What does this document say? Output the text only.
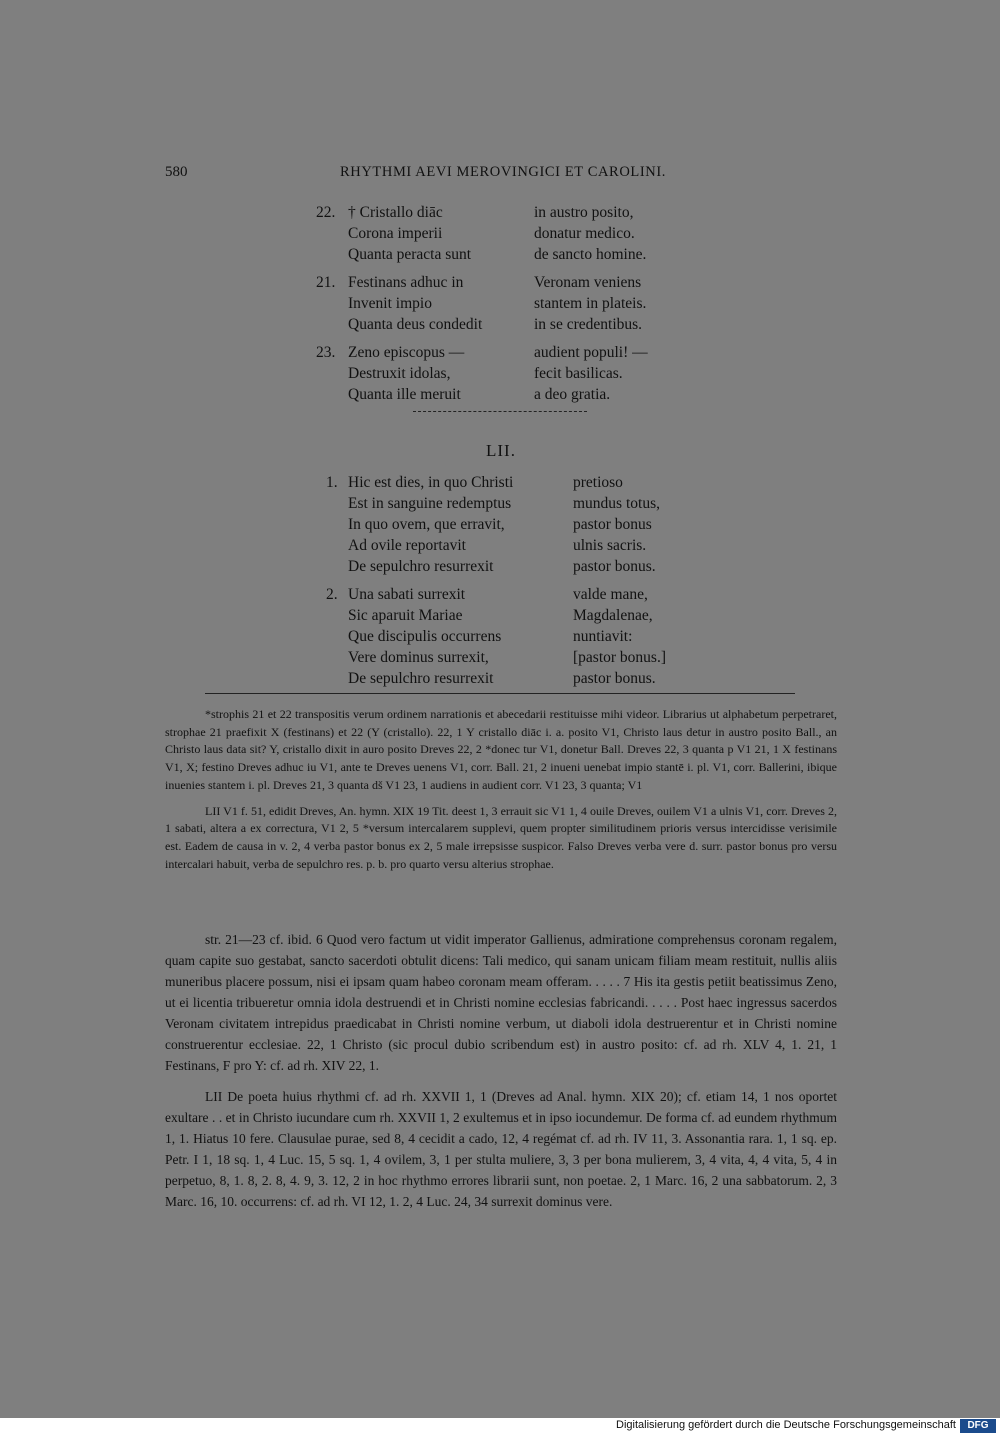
580	RHYTHMI AEVI MEROVINGICI ET CAROLINI.
22. † Cristallo diāc	in austro posito,
Corona imperii	donatur medico.
Quanta peracta sunt	de sancto homine.
21. Festinans adhuc in	Veronam veniens
Invenit impio	stantem in plateis.
Quanta deus condedit	in se credentibus.
23. Zeno episcopus —	audient populi! —
Destruxit idolas,	fecit basilicas.
Quanta ille meruit	a deo gratia.
LII.
1. Hic est dies, in quo Christi	pretioso
Est in sanguine redemptus	mundus totus,
In quo ovem, que erravit,	pastor bonus
Ad ovile reportavit	ulnis sacris.
De sepulchro resurrexit	pastor bonus.
2. Una sabati surrexit	valde mane,
Sic aparuit Mariae	Magdalenae,
Que discipulis occurrens	nuntiavit:
Vere dominus surrexit,	[pastor bonus.]
De sepulchro resurrexit	pastor bonus.

*strophis 21 et 22 transpositis verum ordinem narrationis et abecedarii restituisse mihi videor. Librarius ut alphabetum perpetraret, strophae 21 praefixit X (festinans) et 22 (Y (cristallo). 22, 1 Y cristallo diāc i. a. posito V1, Christo laus detur in austro posito Ball., an Christo laus data sit? Y, cristallo dixit in auro posito Dreves 22, 2 *donec tur V1, donetur Ball. Dreves 22, 3 quanta p V1 21, 1 X festinans V1, X; festino Dreves adhuc iu V1, ante te Dreves uenens V1, corr. Ball. 21, 2 inueni uenebat impio stantē i. pl. V1, corr. Ballerini, ibique inuenies stantem i. pl. Dreves 21, 3 quanta dš V1 23, 1 audiens in audient corr. V1 23, 3 quanta; V1

LII V1 f. 51, edidit Dreves, An. hymn. XIX 19 Tit. deest 1, 3 errauit sic V1 1, 4 ouile Dreves, ouilem V1 a ulnis V1, corr. Dreves 2, 1 sabati, altera a ex correctura, V1 2, 5 *versum intercalarem supplevi, quem propter similitudinem prioris versus intercidisse verisimile est. Eadem de causa in v. 2, 4 verba pastor bonus ex 2, 5 male irrepsisse suspicor. Falso Dreves verba vere d. surr. pastor bonus pro versu intercalari habuit, verba de sepulchro res. p. b. pro quarto versu alterius strophae.

str. 21—23 cf. ibid. 6 Quod vero factum ut vidit imperator Gallienus, admiratione comprehensus coronam regalem, quam capite suo gestabat, sancto sacerdoti obtulit dicens: Tali medico, qui sanam unicam filiam meam restituit, nullis aliis muneribus placere possum, nisi ei ipsam quam habeo coronam meam offeram. . . . . 7 His ita gestis petiit beatissimus Zeno, ut ei licentia tribueretur omnia idola destruendi et in Christi nomine ecclesias fabricandi. . . . . Post haec ingressus sacerdos Veronam civitatem intrepidus praedicabat in Christi nomine verbum, ut diaboli idola destruerentur et in Christi nomine construerentur ecclesiae. 22, 1 Christo (sic procul dubio scribendum est) in austro posito: cf. ad rh. XLV 4, 1. 21, 1 Festinans, F pro Y: cf. ad rh. XIV 22, 1.

LII De poeta huius rhythmi cf. ad rh. XXVII 1, 1 (Dreves ad Anal. hymn. XIX 20); cf. etiam 14, 1 nos oportet exultare . . et in Christo iucundare cum rh. XXVII 1, 2 exultemus et in ipso iocundemur. De forma cf. ad eundem rhythmum 1, 1. Hiatus 10 fere. Clausulae purae, sed 8, 4 cecidit a cado, 12, 4 regémat cf. ad rh. IV 11, 3. Assonantia rara. 1, 1 sq. ep. Petr. I 1, 18 sq. 1, 4 Luc. 15, 5 sq. 1, 4 ovilem, 3, 1 per stulta muliere, 3, 3 per bona mulierem, 3, 4 vita, 4, 4 vita, 5, 4 in perpetuo, 8, 1. 8, 2. 8, 4. 9, 3. 12, 2 in hoc rhythmo errores librarii sunt, non poetae. 2, 1 Marc. 16, 2 una sabbatorum. 2, 3 Marc. 16, 10. occurrens: cf. ad rh. VI 12, 1. 2, 4 Luc. 24, 34 surrexit dominus vere.

Digitalisierung gefördert durch die Deutsche Forschungsgemeinschaft	DFG
